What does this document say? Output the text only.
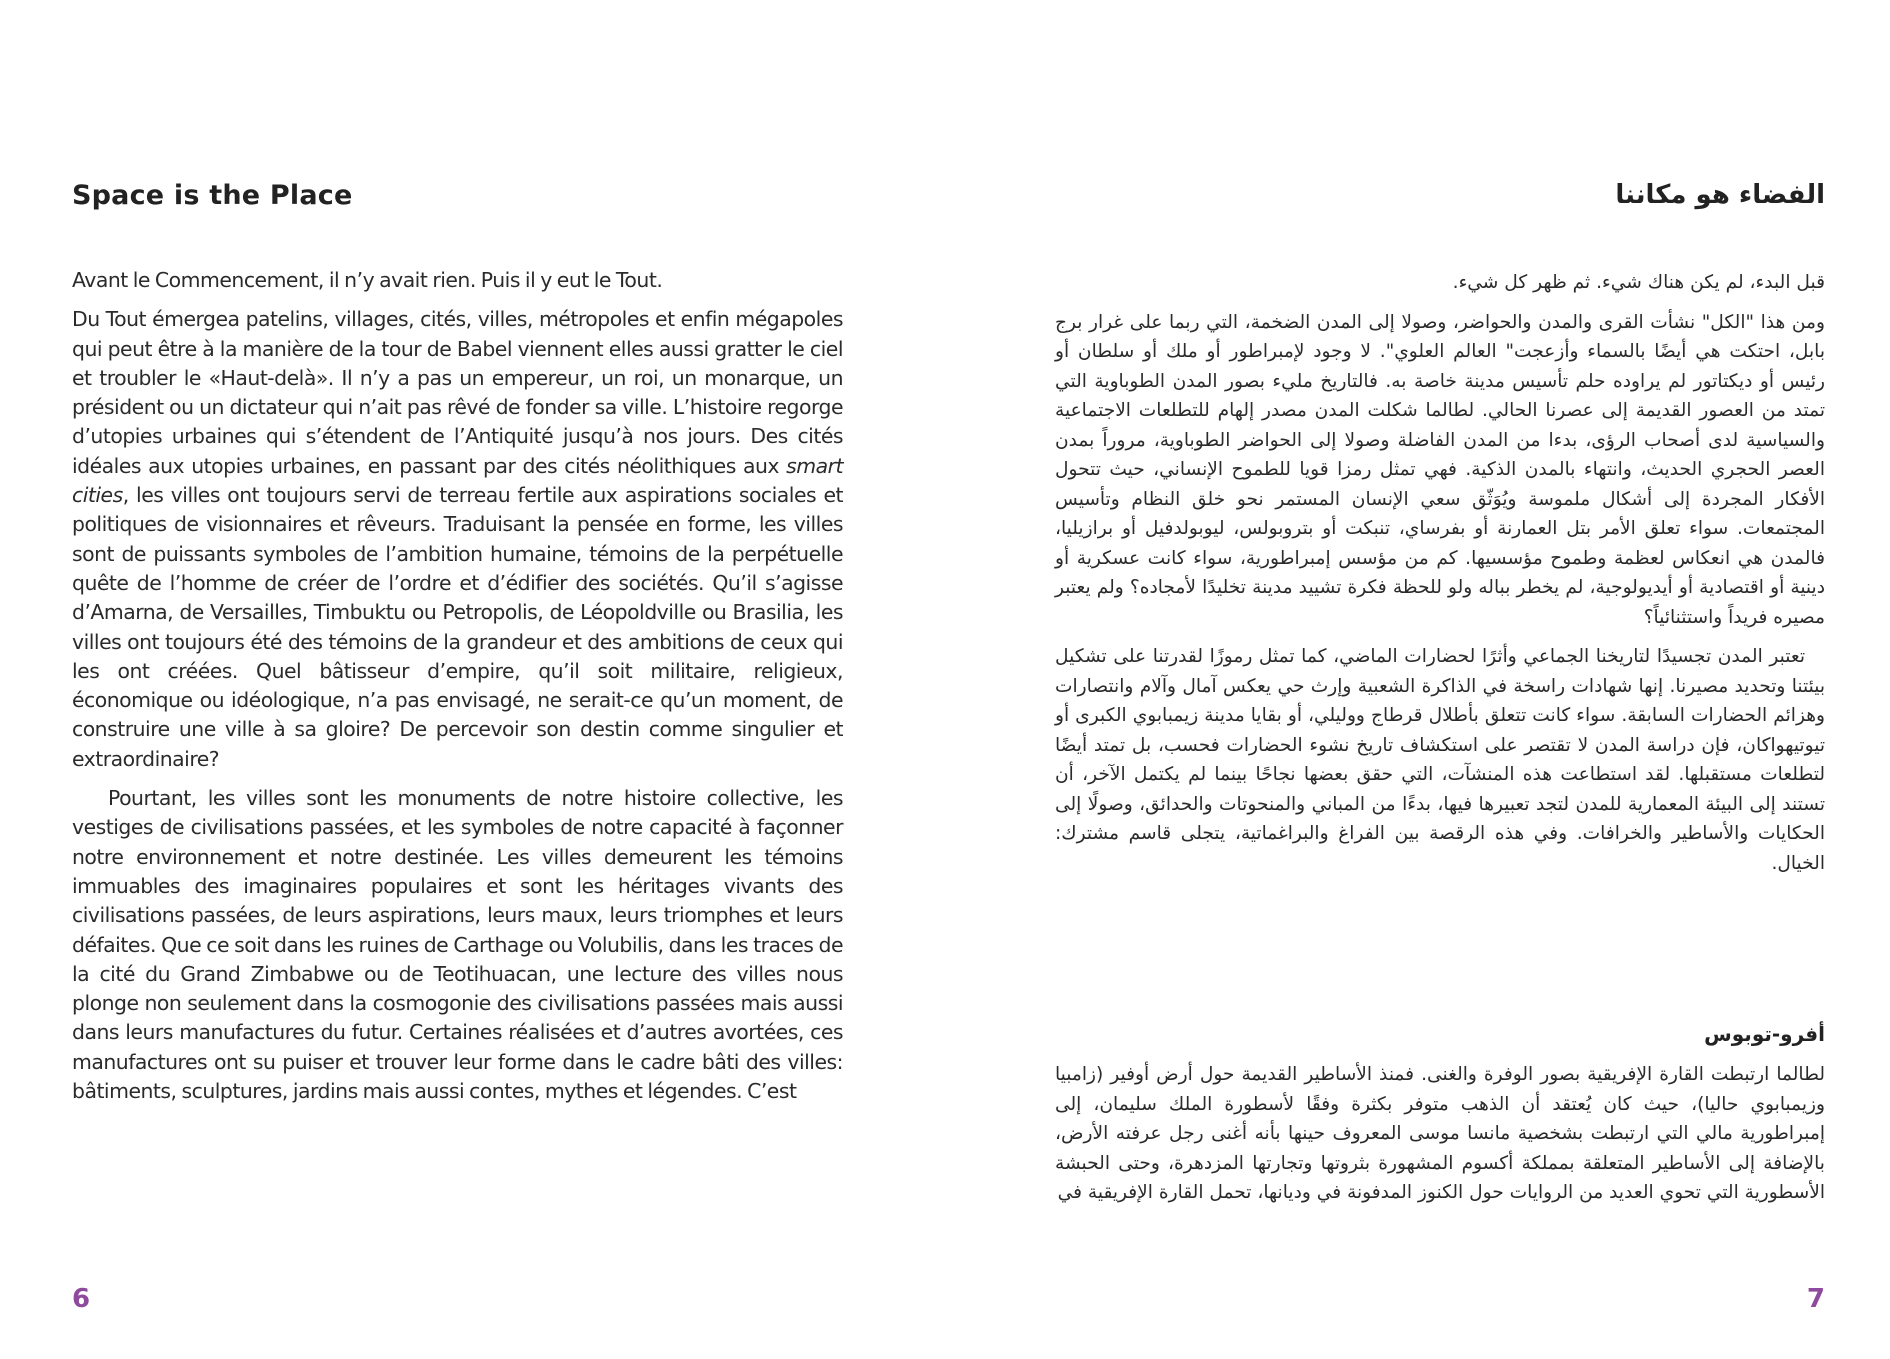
Space is the Place

Avant le Commencement, il n’y avait rien. Puis il y eut le Tout.

Du Tout émergea patelins, villages, cités, villes, métropoles et enfin mégapoles qui peut être à la manière de la tour de Babel viennent elles aussi gratter le ciel et troubler le «Haut-delà». Il n’y a pas un empereur, un roi, un monarque, un président ou un dictateur qui n’ait pas rêvé de fonder sa ville. L’histoire regorge d’utopies urbaines qui s’étendent de l’Antiquité jusqu’à nos jours. Des cités idéales aux utopies urbaines, en passant par des cités néolithiques aux smart cities, les villes ont toujours servi de terreau fertile aux aspirations sociales et politiques de visionnaires et rêveurs. Traduisant la pensée en forme, les villes sont de puissants symboles de l’ambition humaine, témoins de la perpétuelle quête de l’homme de créer de l’ordre et d’édifier des sociétés. Qu’il s’agisse d’Amarna, de Versailles, Timbuktu ou Petropolis, de Léopoldville ou Brasilia, les villes ont toujours été des témoins de la grandeur et des ambitions de ceux qui les ont créées. Quel bâtisseur d’empire, qu’il soit militaire, religieux, économique ou idéologique, n’a pas envisagé, ne serait-ce qu’un moment, de construire une ville à sa gloire? De percevoir son destin comme singulier et extraordinaire?

Pourtant, les villes sont les monuments de notre histoire collective, les vestiges de civilisations passées, et les symboles de notre capacité à façonner notre environnement et notre destinée. Les villes demeurent les témoins immuables des imaginaires populaires et sont les héritages vivants des civilisations passées, de leurs aspirations, leurs maux, leurs triomphes et leurs défaites. Que ce soit dans les ruines de Carthage ou Volubilis, dans les traces de la cité du Grand Zimbabwe ou de Teotihuacan, une lecture des villes nous plonge non seulement dans la cosmogonie des civilisations passées mais aussi dans leurs manufactures du futur. Certaines réalisées et d’autres avortées, ces manufactures ont su puiser et trouver leur forme dans le cadre bâti des villes: bâtiments, sculptures, jardins mais aussi contes, mythes et légendes. C’est

6
الفضاء هو مكاننا

قبل البدء، لم يكن هناك شيء. ثم ظهر كل شيء.

ومن هذا "الكل" نشأت القرى والمدن والحواضر، وصولا إلى المدن الضخمة، التي ربما على غرار برج بابل، احتكت هي أيضًا بالسماء وأزعجت" العالم العلوي". لا وجود لإمبراطور أو ملك أو سلطان أو رئيس أو ديكتاتور لم يراوده حلم تأسيس مدينة خاصة به. فالتاريخ مليء بصور المدن الطوباوية التي تمتد من العصور القديمة إلى عصرنا الحالي. لطالما شكلت المدن مصدر إلهام للتطلعات الاجتماعية والسياسية لدى أصحاب الرؤى، بدءا من المدن الفاضلة وصولا إلى الحواضر الطوباوية، مروراً بمدن العصر الحجري الحديث، وانتهاء بالمدن الذكية. فهي تمثل رمزا قويا للطموح الإنساني، حيث تتحول الأفكار المجردة إلى أشكال ملموسة ويُوَثّق سعي الإنسان المستمر نحو خلق النظام وتأسيس المجتمعات. سواء تعلق الأمر بتل العمارنة أو بفرساي، تنبكت أو بتروبولس، ليوبولدفيل أو برازيليا، فالمدن هي انعكاس لعظمة وطموح مؤسسيها. كم من مؤسس إمبراطورية، سواء كانت عسكرية أو دينية أو اقتصادية أو أيديولوجية، لم يخطر بباله ولو للحظة فكرة تشييد مدينة تخليدًا لأمجاده؟ ولم يعتبر مصيره فريداً واستثنائياً؟

تعتبر المدن تجسيدًا لتاريخنا الجماعي وأثرًا لحضارات الماضي، كما تمثل رموزًا لقدرتنا على تشكيل بيئتنا وتحديد مصيرنا. إنها شهادات راسخة في الذاكرة الشعبية وإرث حي يعكس آمال وآلام وانتصارات وهزائم الحضارات السابقة. سواء كانت تتعلق بأطلال قرطاج ووليلي، أو بقايا مدينة زيمبابوي الكبرى أو تيوتيهواكان، فإن دراسة المدن لا تقتصر على استكشاف تاريخ نشوء الحضارات فحسب، بل تمتد أيضًا لتطلعات مستقبلها. لقد استطاعت هذه المنشآت، التي حقق بعضها نجاحًا بينما لم يكتمل الآخر، أن تستند إلى البيئة المعمارية للمدن لتجد تعبيرها فيها، بدءًا من المباني والمنحوتات والحدائق، وصولًا إلى الحكايات والأساطير والخرافات. وفي هذه الرقصة بين الفراغ والبراغماتية، يتجلى قاسم مشترك: الخيال.

أفرو-توبوس

لطالما ارتبطت القارة الإفريقية بصور الوفرة والغنى. فمنذ الأساطير القديمة حول أرض أوفير (زامبيا وزيمبابوي حاليا)، حيث كان يُعتقد أن الذهب متوفر بكثرة وفقًا لأسطورة الملك سليمان، إلى إمبراطورية مالي التي ارتبطت بشخصية مانسا موسى المعروف حينها بأنه أغنى رجل عرفته الأرض، بالإضافة إلى الأساطير المتعلقة بمملكة أكسوم المشهورة بثروتها وتجارتها المزدهرة، وحتى الحبشة الأسطورية التي تحوي العديد من الروايات حول الكنوز المدفونة في وديانها، تحمل القارة الإفريقية في

7
